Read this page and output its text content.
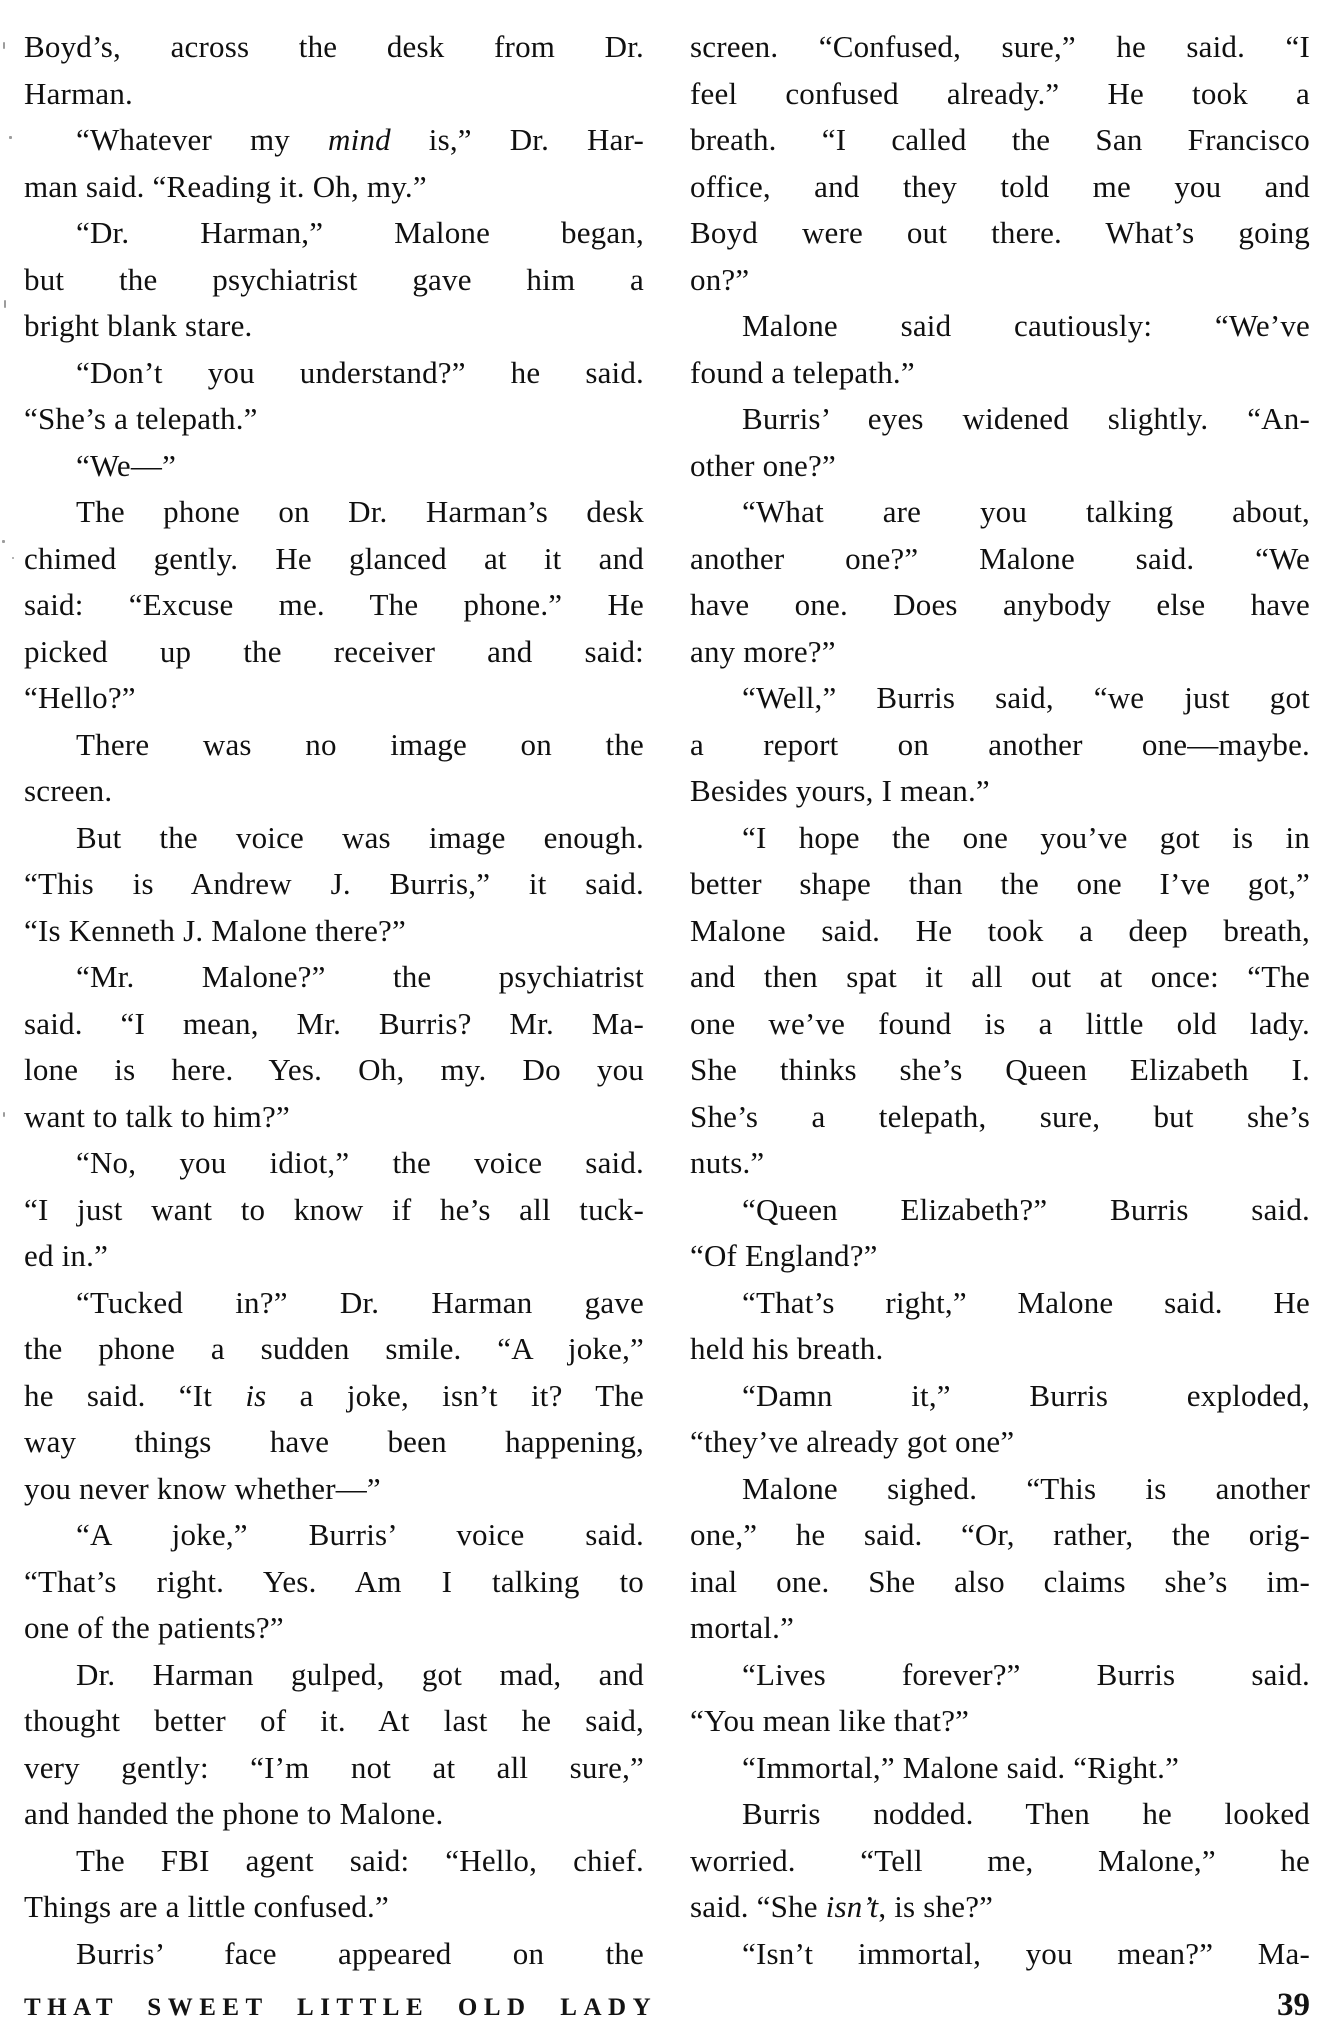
Boyd’s, across the desk from Dr.
Harman.
“Whatever my mind is,” Dr. Har-
man said. “Reading it. Oh, my.”
“Dr. Harman,” Malone began,
but the psychiatrist gave him a
bright blank stare.
“Don’t you understand?” he said.
“She’s a telepath.”
“We—”
The phone on Dr. Harman’s desk
chimed gently. He glanced at it and
said: “Excuse me. The phone.” He
picked up the receiver and said:
“Hello?”
There was no image on the
screen.
But the voice was image enough.
“This is Andrew J. Burris,” it said.
“Is Kenneth J. Malone there?”
“Mr. Malone?” the psychiatrist
said. “I mean, Mr. Burris? Mr. Ma-
lone is here. Yes. Oh, my. Do you
want to talk to him?”
“No, you idiot,” the voice said.
“I just want to know if he’s all tuck-
ed in.”
“Tucked in?” Dr. Harman gave
the phone a sudden smile. “A joke,”
he said. “It is a joke, isn’t it? The
way things have been happening,
you never know whether—”
“A joke,” Burris’ voice said.
“That’s right. Yes. Am I talking to
one of the patients?”
Dr. Harman gulped, got mad, and
thought better of it. At last he said,
very gently: “I’m not at all sure,”
and handed the phone to Malone.
The FBI agent said: “Hello, chief.
Things are a little confused.”
Burris’ face appeared on the
screen. “Confused, sure,” he said. “I
feel confused already.” He took a
breath. “I called the San Francisco
office, and they told me you and
Boyd were out there. What’s going
on?”
Malone said cautiously: “We’ve
found a telepath.”
Burris’ eyes widened slightly. “An-
other one?”
“What are you talking about,
another one?” Malone said. “We
have one. Does anybody else have
any more?”
“Well,” Burris said, “we just got
a report on another one—maybe.
Besides yours, I mean.”
“I hope the one you’ve got is in
better shape than the one I’ve got,”
Malone said. He took a deep breath,
and then spat it all out at once: “The
one we’ve found is a little old lady.
She thinks she’s Queen Elizabeth I.
She’s a telepath, sure, but she’s
nuts.”
“Queen Elizabeth?” Burris said.
“Of England?”
“That’s right,” Malone said. He
held his breath.
“Damn it,” Burris exploded,
“they’ve already got one”
Malone sighed. “This is another
one,” he said. “Or, rather, the orig-
inal one. She also claims she’s im-
mortal.”
“Lives forever?” Burris said.
“You mean like that?”
“Immortal,” Malone said. “Right.”
Burris nodded. Then he looked
worried. “Tell me, Malone,” he
said. “She isn’t, is she?”
“Isn’t immortal, you mean?” Ma-
THAT SWEET LITTLE OLD LADY	39
